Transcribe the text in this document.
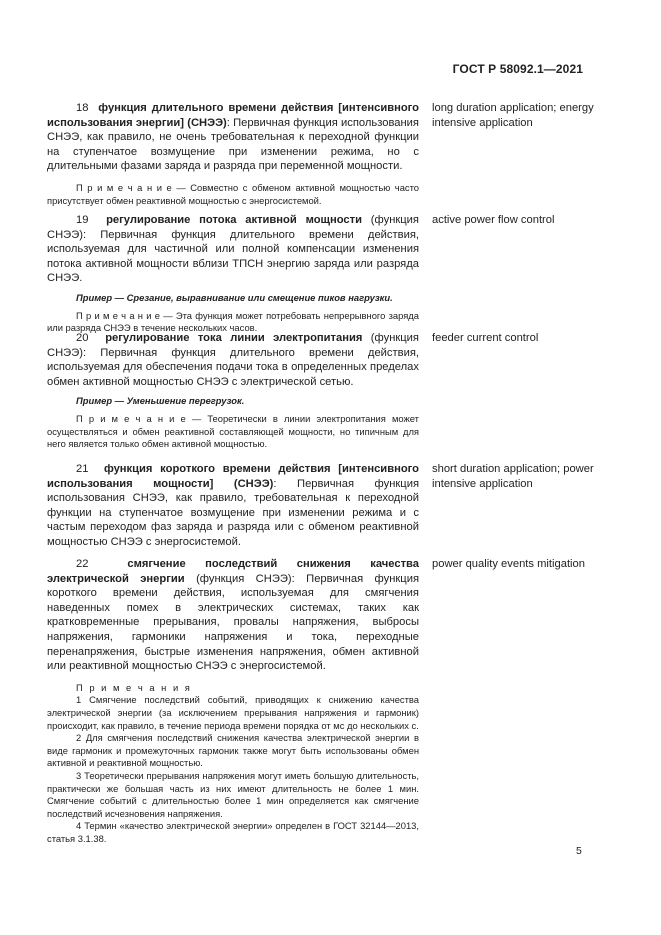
ГОСТ Р 58092.1—2021

18 функция длительного времени действия [интенсивного использования энергии] (СНЭЭ): Первичная функция использования СНЭЭ, как правило, не очень требовательная к переходной функции на ступенчатое возмущение при изменении режима, но с длительными фазами заряда и разряда при переменной мощности.

П р и м е ч а н и е — Совместно с обменом активной мощностью часто присутствует обмен реактивной мощностью с энергосистемой.

long duration application; energy intensive application

19 регулирование потока активной мощности (функция СНЭЭ): Первичная функция длительного времени действия, используемая для частичной или полной компенсации изменения потока активной мощности вблизи ТПСН энергию заряда или разряда СНЭЭ.

Пример — Срезание, выравнивание или смещение пиков нагрузки.

П р и м е ч а н и е — Эта функция может потребовать непрерывного заряда или разряда СНЭЭ в течение нескольких часов.

active power flow control

20 регулирование тока линии электропитания (функция СНЭЭ): Первичная функция длительного времени действия, используемая для обеспечения подачи тока в определенных пределах обмен активной мощностью СНЭЭ с электрической сетью.

Пример — Уменьшение перегрузок.

П р и м е ч а н и е — Теоретически в линии электропитания может осуществляться и обмен реактивной составляющей мощности, но типичным для него является только обмен активной мощностью.

feeder current control

21 функция короткого времени действия [интенсивного использования мощности] (СНЭЭ): Первичная функция использования СНЭЭ, как правило, требовательная к переходной функции на ступенчатое возмущение при изменении режима и с частым переходом фаз заряда и разряда или с обменом реактивной мощностью СНЭЭ с энергосистемой.

short duration application; power intensive application

22	смягчение последствий снижения качества электрической энергии (функция СНЭЭ): Первичная функция короткого времени действия, используемая для смягчения наведенных помех в электрических системах, таких как кратковременные прерывания, провалы напряжения, выбросы напряжения, гармоники напряжения и тока, переходные перенапряжения, быстрые изменения напряжения, обмен активной или реактивной мощностью СНЭЭ с энергосистемой.

П р и м е ч а н и я

1 Смягчение последствий событий, приводящих к снижению качества электрической энергии (за исключением прерывания напряжения и гармоник) происходит, как правило, в течение периода времени порядка от мс до нескольких с.

2 Для смягчения последствий снижения качества электрической энергии в виде гармоник и промежуточных гармоник также могут быть использованы обмен активной и реактивной мощностью.

3 Теоретически прерывания напряжения могут иметь большую длительность, практически же большая часть из них имеют длительность не более 1 мин. Смягчение событий с длительностью более 1 мин определяется как смягчение последствий исчезновения напряжения.

4 Термин «качество электрической энергии» определен в ГОСТ 32144—2013, статья 3.1.38.

power quality events mitigation

5
